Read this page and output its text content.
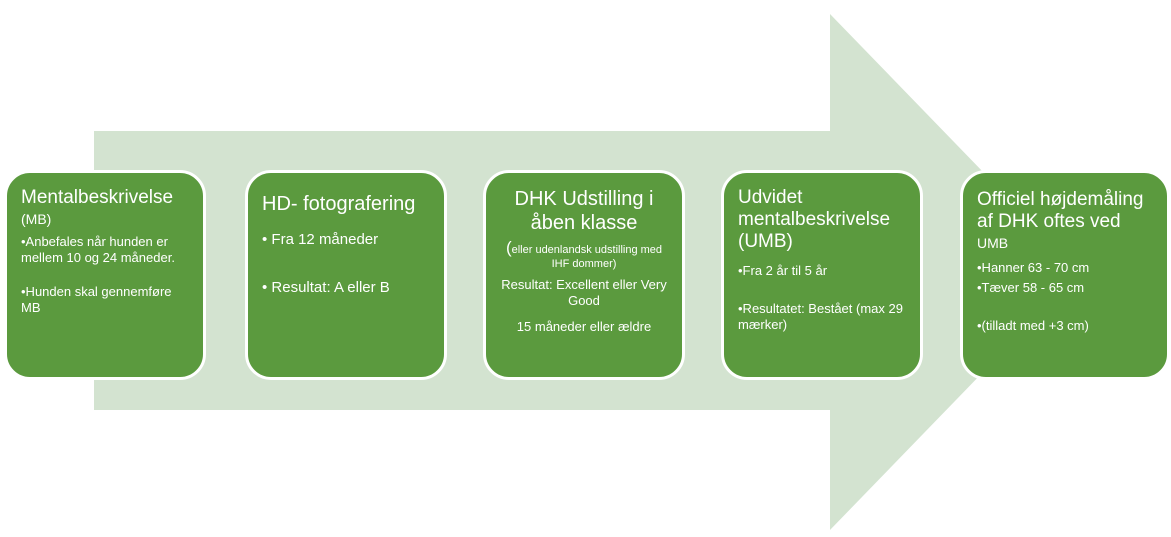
Mentalbeskrivelse
(MB)
•Anbefales når hunden er mellem 10 og 24 måneder.
•Hunden skal gennemføre MB
HD- fotografering
• Fra 12 måneder
• Resultat: A eller B
DHK Udstilling i åben klasse
(eller udenlandsk udstilling med IHF dommer)
Resultat: Excellent eller Very Good
15 måneder eller ældre
Udvidet mentalbeskrivelse (UMB)
•Fra 2 år til 5 år
•Resultatet: Bestået (max 29 mærker)
Officiel højdemåling af DHK oftes ved
UMB
•Hanner 63 - 70 cm
•Tæver 58 - 65 cm
•(tilladt med +3 cm)
